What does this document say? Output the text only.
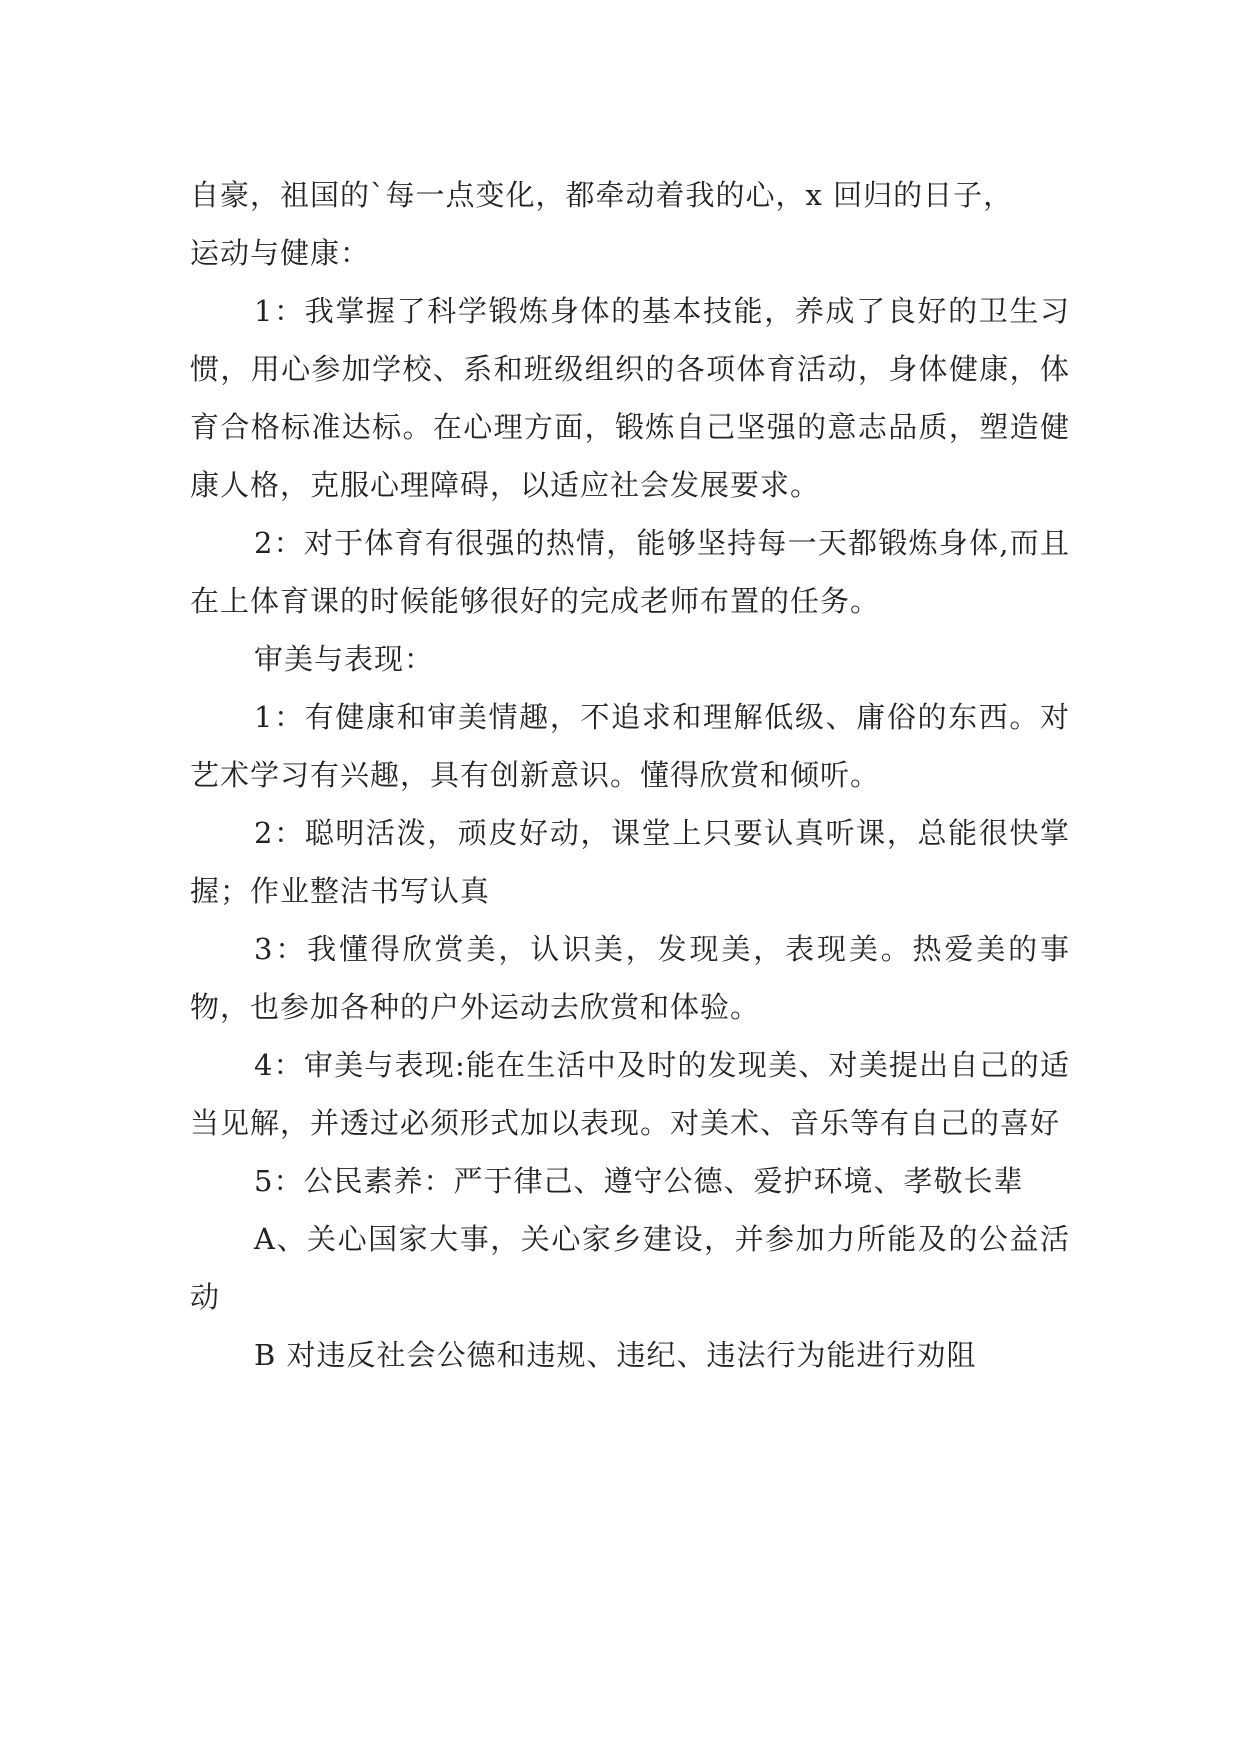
自豪，祖国的`每一点变化，都牵动着我的心，x 回归的日子，

运动与健康：

1：我掌握了科学锻炼身体的基本技能，养成了良好的卫生习惯，用心参加学校、系和班级组织的各项体育活动，身体健康，体育合格标准达标。在心理方面，锻炼自己坚强的意志品质，塑造健康人格，克服心理障碍，以适应社会发展要求。

2：对于体育有很强的热情，能够坚持每一天都锻炼身体,而且在上体育课的时候能够很好的完成老师布置的任务。

审美与表现：

1：有健康和审美情趣，不追求和理解低级、庸俗的东西。对艺术学习有兴趣，具有创新意识。懂得欣赏和倾听。

2：聪明活泼，顽皮好动，课堂上只要认真听课，总能很快掌握；作业整洁书写认真

3：我懂得欣赏美，认识美，发现美，表现美。热爱美的事物，也参加各种的户外运动去欣赏和体验。

4：审美与表现:能在生活中及时的发现美、对美提出自己的适当见解，并透过必须形式加以表现。对美术、音乐等有自己的喜好

5：公民素养：严于律己、遵守公德、爱护环境、孝敬长辈

A、关心国家大事，关心家乡建设，并参加力所能及的公益活动

B 对违反社会公德和违规、违纪、违法行为能进行劝阻
